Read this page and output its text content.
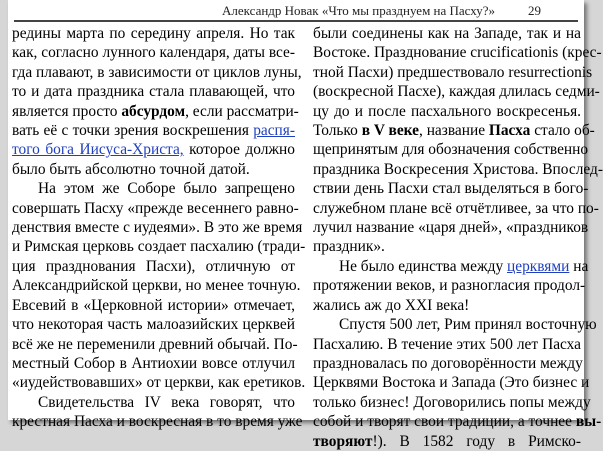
Александр Новак «Что мы празднуем на Пасху?»	29
редины марта по середину апреля. Но так
как, согласно лунного календаря, даты все-
гда плавают, в зависимости от циклов луны,
то и дата праздника стала плавающей, что
является просто абсурдом, если рассматри-
вать её с точки зрения воскрешения распя-
того бога Иисуса-Христа, которое должно
было быть абсолютно точной датой.
На этом же Соборе было запрещено
совершать Пасху «прежде весеннего равно-
денствия вместе с иудеями». В это же время
и Римская церковь создает пасхалию (тради-
ция празднования Пасхи), отличную от
Александрийской церкви, но менее точную.
Евсевий в «Церковной истории» отмечает,
что некоторая часть малоазийских церквей
всё же не переменили древний обычай. По-
местный Собор в Антиохии вовсе отлучил
«иудействовавших» от церкви, как еретиков.
Свидетельства IV века говорят, что
крестная Пасха и воскресная в то время уже
были соединены как на Западе, так и на
Востоке. Празднование crucificationis (крес-
тной Пасхи) предшествовало resurrectionis
(воскресной Пасхе), каждая длилась седми-
цу до и после пасхального воскресенья.
Только в V веке, название Пасха стало об-
щепринятым для обозначения собственно
праздника Воскресения Христова. Впослед-
ствии день Пасхи стал выделяться в бого-
служебном плане всё отчётливее, за что по-
лучил название «царя дней», «праздников
праздник».
Не было единства между церквями на
протяжении веков, и разногласия продол-
жались аж до XXI века!
Спустя 500 лет, Рим принял восточную
Пасхалию. В течение этих 500 лет Пасха
праздновалась по договорённости между
Церквями Востока и Запада (Это бизнес и
только бизнес! Договорились попы между
собой и творят свои традиции, а точнее вы-
творяют!). В 1582 году в Римско-
